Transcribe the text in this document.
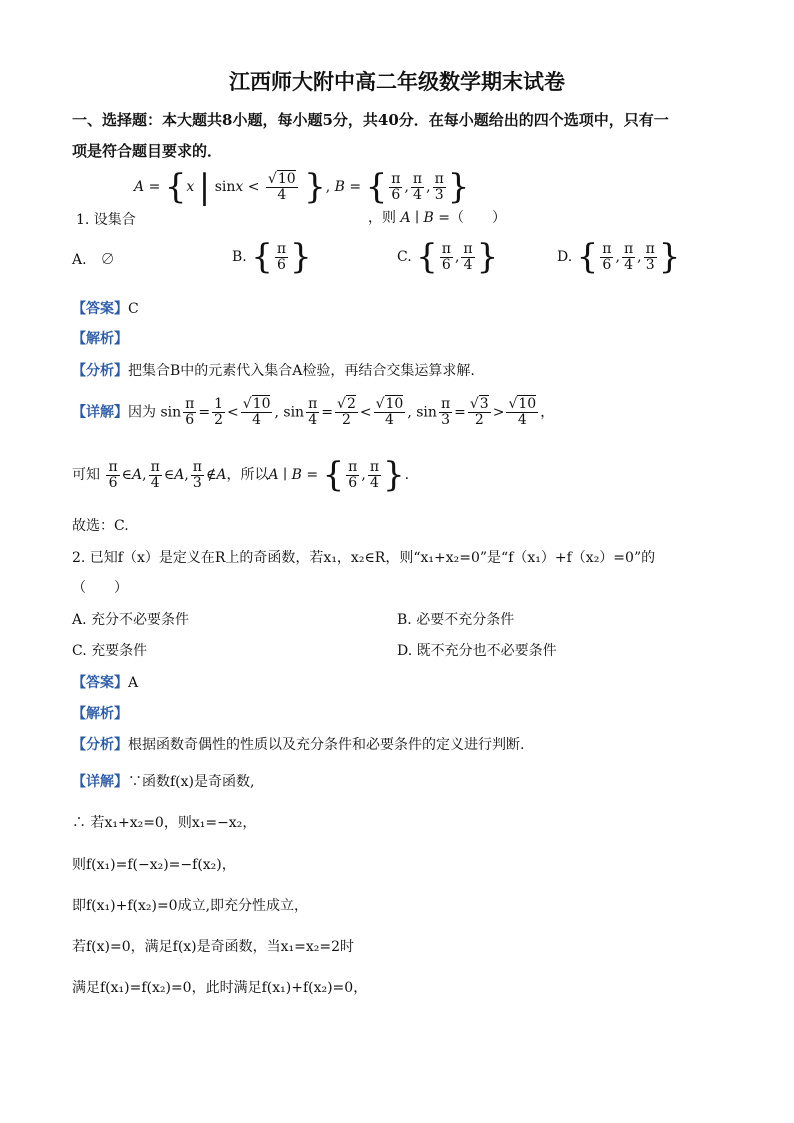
江西师大附中高二年级数学期末试卷
一、选择题：本大题共8小题，每小题5分，共40分．在每小题给出的四个选项中，只有一
项是符合题目要求的．
A = {x | $\sin x < \frac{√10}{4}$ }, B = { $\frac{\pi}{6}$ , $\frac{\pi}{4}$ , $\frac{\pi}{3}$ }
1. 设集合	，则 A ∣ B =（　　）
A.　 ∅	B. { $\frac{\pi}{6}$ }	C. { $\frac{\pi}{6}$ , $\frac{\pi}{4}$ }	D. { $\frac{\pi}{6}$ , $\frac{\pi}{4}$ , $\frac{\pi}{3}$ }
【答案】C
【解析】
【分析】把集合B中的元素代入集合A检验，再结合交集运算求解.
【详解】因为 $\sin \frac{\pi}{6} = \frac{1}{2} < \frac{√10}{4}$ , $\sin \frac{\pi}{4} = \frac{√2}{2} < \frac{√10}{4}$ , $\sin \frac{\pi}{3} = \frac{√3}{2} > \frac{√10}{4}$ ，
可知 $\frac{\pi}{6}$ ∈A, $\frac{\pi}{4}$ ∈A, $\frac{\pi}{3}$ ∉A，所以A ∣ B = { $\frac{\pi}{6}$ , $\frac{\pi}{4}$ }.
故选：C.
2. 已知f（x）是定义在R上的奇函数，若x₁，x₂∈R，则“x₁+x₂=0”是“f（x₁）+f（x₂）=0”的
（　　）
A. 充分不必要条件	B. 必要不充分条件
C. 充要条件	D. 既不充分也不必要条件
【答案】A
【解析】
【分析】根据函数奇偶性的性质以及充分条件和必要条件的定义进行判断.
【详解】∵函数f(x)是奇函数,
∴ 若x₁+x₂=0，则x₁=−x₂，
则f(x₁)=f(−x₂)=−f(x₂)，
即f(x₁)+f(x₂)=0成立,即充分性成立，
若f(x)=0，满足f(x)是奇函数，当x₁=x₂=2时
满足f(x₁)=f(x₂)=0，此时满足f(x₁)+f(x₂)=0，
